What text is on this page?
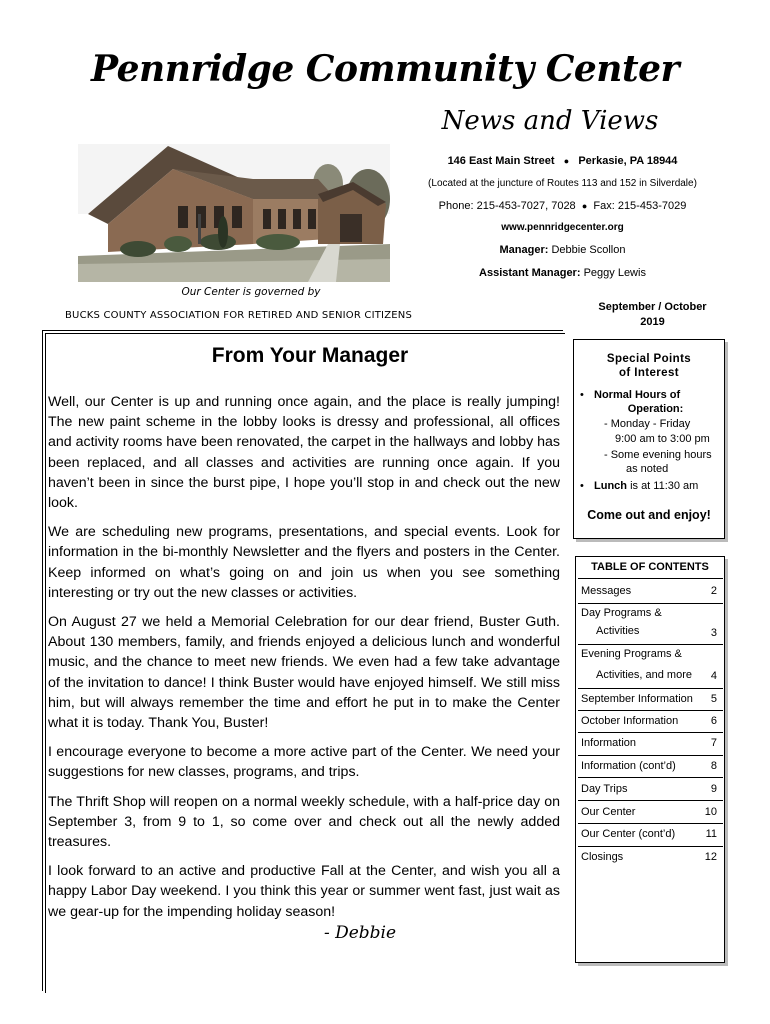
Pennridge Community Center
News and Views
146 East Main Street ● Perkasie, PA 18944
(Located at the juncture of Routes 113 and 152 in Silverdale)
Phone: 215-453-7027, 7028 ● Fax: 215-453-7029
www.pennridgecenter.org
Manager: Debbie Scollon
Assistant Manager: Peggy Lewis
Our Center is governed by
BUCKS COUNTY ASSOCIATION FOR RETIRED AND SENIOR CITIZENS
September / October
2019
From Your Manager

Well, our Center is up and running once again, and the place is really jumping! The new paint scheme in the lobby looks is dressy and professional, all offices and activity rooms have been renovated, the carpet in the hallways and lobby has been replaced, and all classes and activities are running once again. If you haven’t been in since the burst pipe, I hope you’ll stop in and check out the new look.

We are scheduling new programs, presentations, and special events. Look for information in the bi-monthly Newsletter and the flyers and posters in the Center. Keep informed on what’s going on and join us when you see something interesting or try out the new classes or activities.

On August 27 we held a Memorial Celebration for our dear friend, Buster Guth. About 130 members, family, and friends enjoyed a delicious lunch and wonderful music, and the chance to meet new friends. We even had a few take advantage of the invitation to dance! I think Buster would have enjoyed himself. We still miss him, but will always remember the time and effort he put in to make the Center what it is today. Thank You, Buster!

I encourage everyone to become a more active part of the Center. We need your suggestions for new classes, programs, and trips.

The Thrift Shop will reopen on a normal weekly schedule, with a half-price day on September 3, from 9 to 1, so come over and check out all the newly added treasures.

I look forward to an active and productive Fall at the Center, and wish you all a happy Labor Day weekend. I you think this year or summer went fast, just wait as we gear-up for the impending holiday season!

- Debbie
Special Points
of Interest
• Normal Hours of
Operation:
- Monday - Friday
9:00 am to 3:00 pm
- Some evening hours
as noted
• Lunch is at 11:30 am
Come out and enjoy!
TABLE OF CONTENTS
Messages	2
Day Programs &
Activities	3
Evening Programs &
Activities, and more	4
September Information 5
October Information	6
Information	7
Information (cont’d)	8
Day Trips	9
Our Center	10
Our Center (cont’d)	11
Closings	12
